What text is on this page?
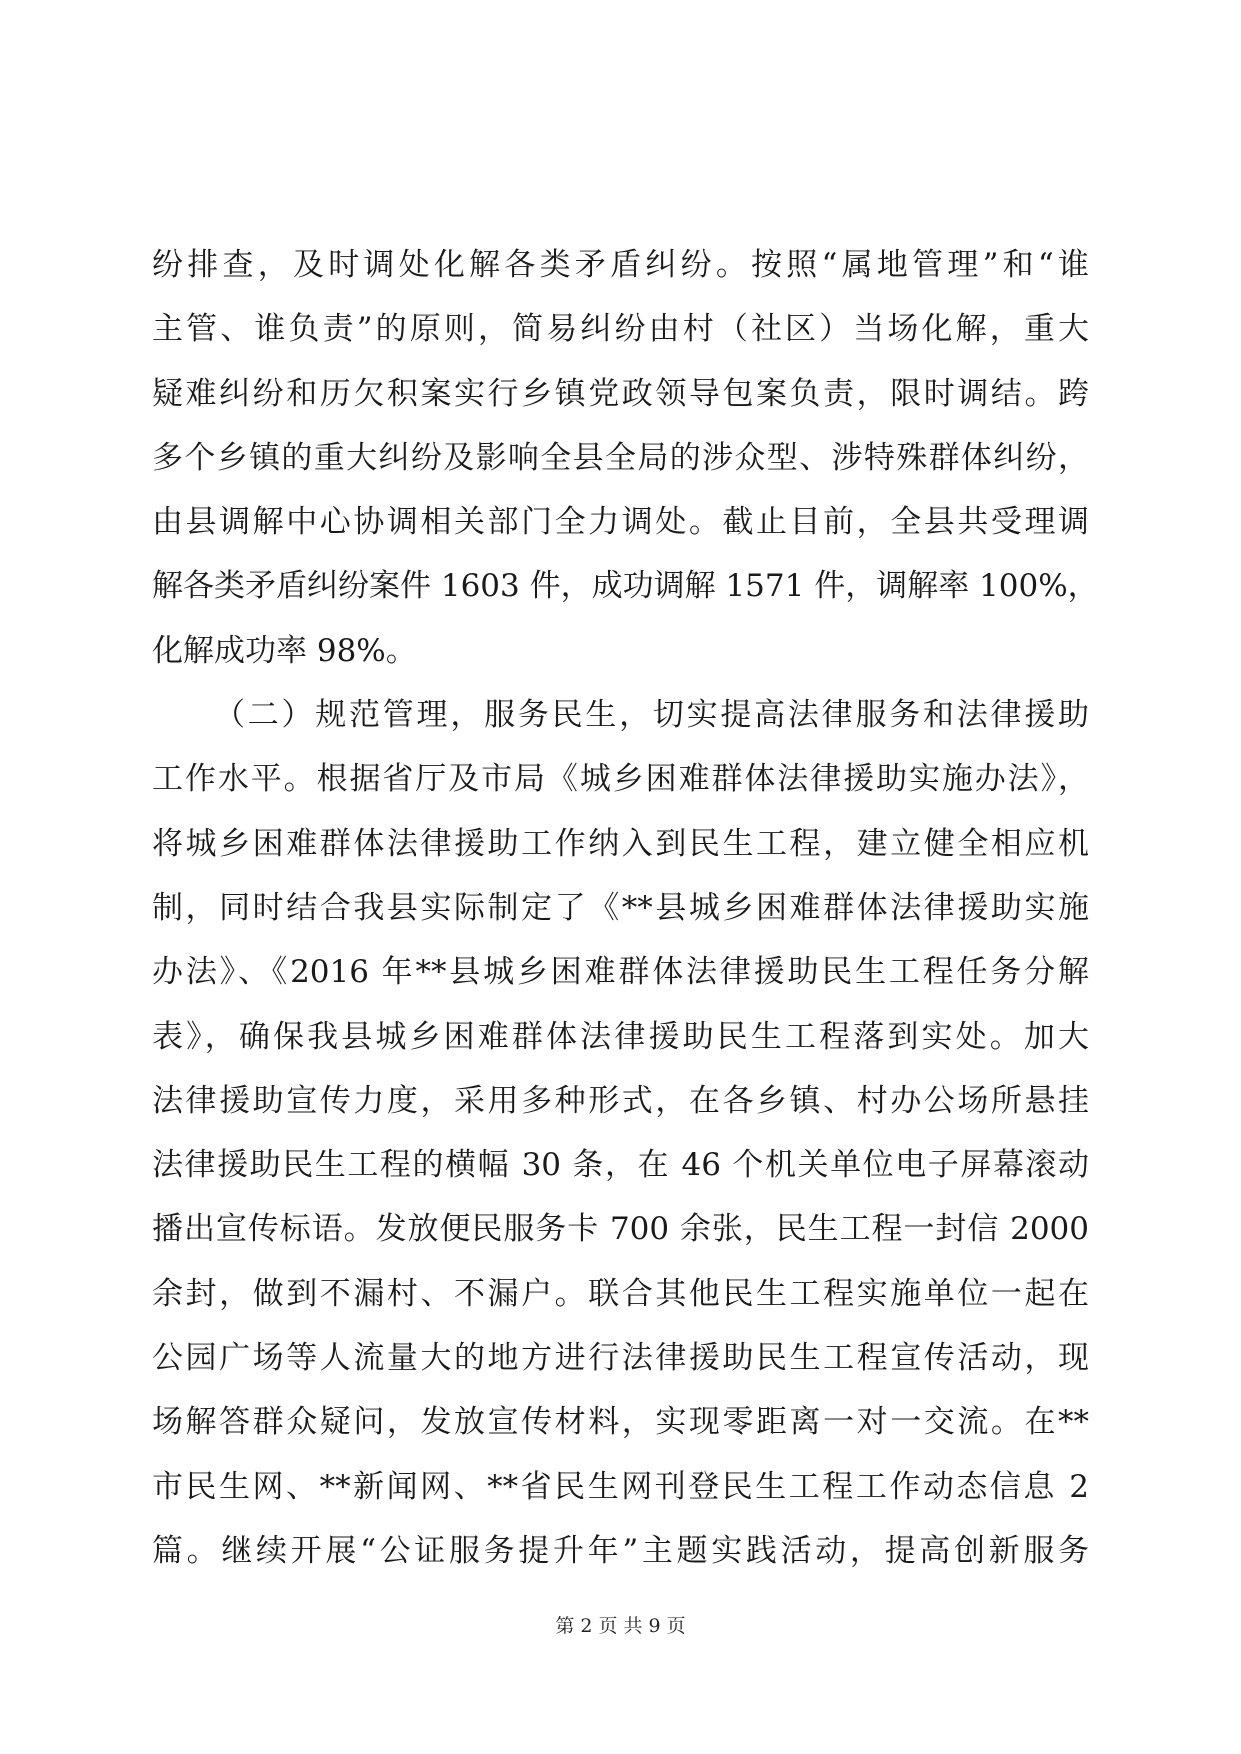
纷排查，及时调处化解各类矛盾纠纷。按照“属地管理”和“谁
主管、谁负责”的原则，简易纠纷由村（社区）当场化解，重大
疑难纠纷和历欠积案实行乡镇党政领导包案负责，限时调结。跨
多个乡镇的重大纠纷及影响全县全局的涉众型、涉特殊群体纠纷，
由县调解中心协调相关部门全力调处。截止目前，全县共受理调
解各类矛盾纠纷案件 1603 件，成功调解 1571 件，调解率 100%，
化解成功率 98%。
（二）规范管理，服务民生，切实提高法律服务和法律援助
工作水平。根据省厅及市局《城乡困难群体法律援助实施办法》，
将城乡困难群体法律援助工作纳入到民生工程，建立健全相应机
制，同时结合我县实际制定了《**县城乡困难群体法律援助实施
办法》、《2016 年**县城乡困难群体法律援助民生工程任务分解
表》，确保我县城乡困难群体法律援助民生工程落到实处。加大
法律援助宣传力度，采用多种形式，在各乡镇、村办公场所悬挂
法律援助民生工程的横幅 30 条，在 46 个机关单位电子屏幕滚动
播出宣传标语。发放便民服务卡 700 余张，民生工程一封信 2000
余封，做到不漏村、不漏户。联合其他民生工程实施单位一起在
公园广场等人流量大的地方进行法律援助民生工程宣传活动，现
场解答群众疑问，发放宣传材料，实现零距离一对一交流。在**
市民生网、**新闻网、**省民生网刊登民生工程工作动态信息 2
篇。继续开展“公证服务提升年”主题实践活动，提高创新服务
第 2 页 共 9 页
